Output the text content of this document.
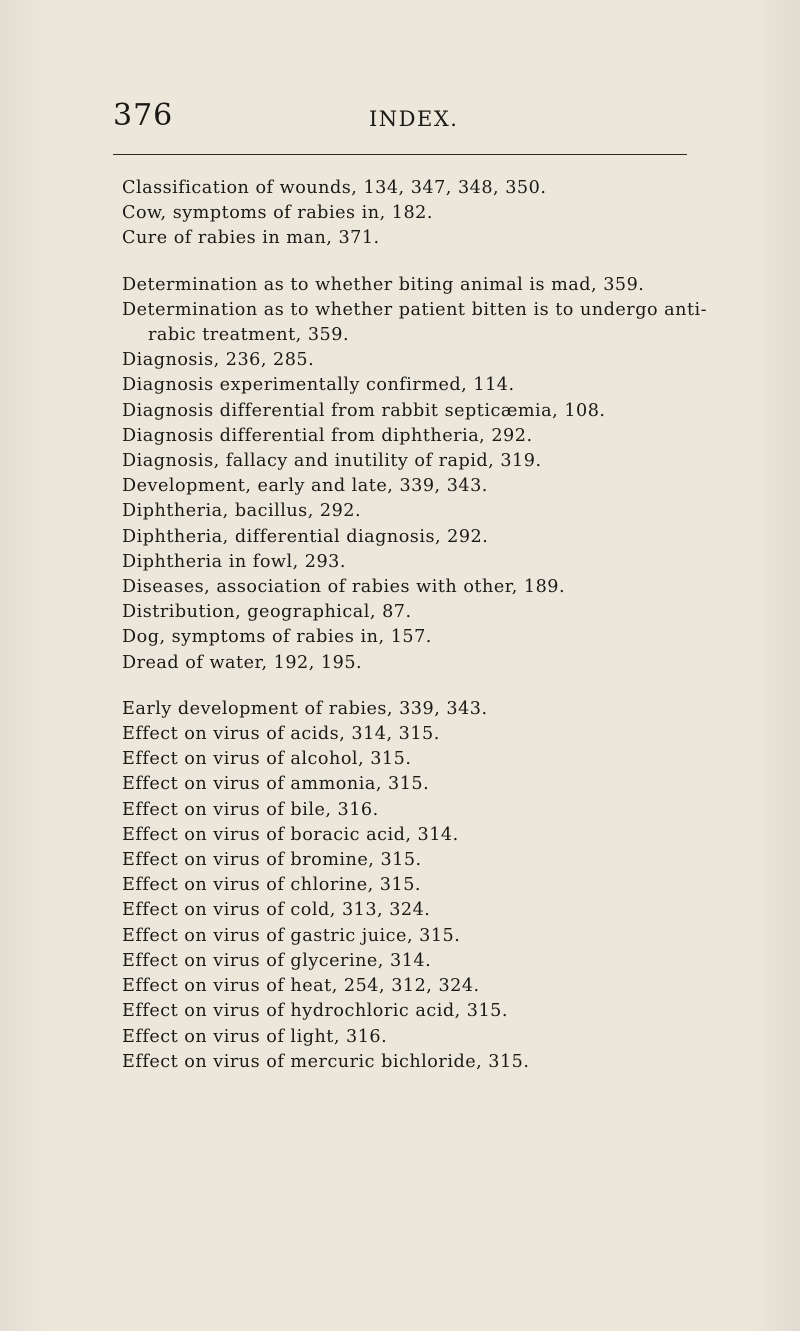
376	INDEX.
Classification of wounds, 134, 347, 348, 350.
Cow, symptoms of rabies in, 182.
Cure of rabies in man, 371.
Determination as to whether biting animal is mad, 359.
Determination as to whether patient bitten is to undergo anti-rabic treatment, 359.
Diagnosis, 236, 285.
Diagnosis experimentally confirmed, 114.
Diagnosis differential from rabbit septicæmia, 108.
Diagnosis differential from diphtheria, 292.
Diagnosis, fallacy and inutility of rapid, 319.
Development, early and late, 339, 343.
Diphtheria, bacillus, 292.
Diphtheria, differential diagnosis, 292.
Diphtheria in fowl, 293.
Diseases, association of rabies with other, 189.
Distribution, geographical, 87.
Dog, symptoms of rabies in, 157.
Dread of water, 192, 195.
Early development of rabies, 339, 343.
Effect on virus of acids, 314, 315.
Effect on virus of alcohol, 315.
Effect on virus of ammonia, 315.
Effect on virus of bile, 316.
Effect on virus of boracic acid, 314.
Effect on virus of bromine, 315.
Effect on virus of chlorine, 315.
Effect on virus of cold, 313, 324.
Effect on virus of gastric juice, 315.
Effect on virus of glycerine, 314.
Effect on virus of heat, 254, 312, 324.
Effect on virus of hydrochloric acid, 315.
Effect on virus of light, 316.
Effect on virus of mercuric bichloride, 315.
